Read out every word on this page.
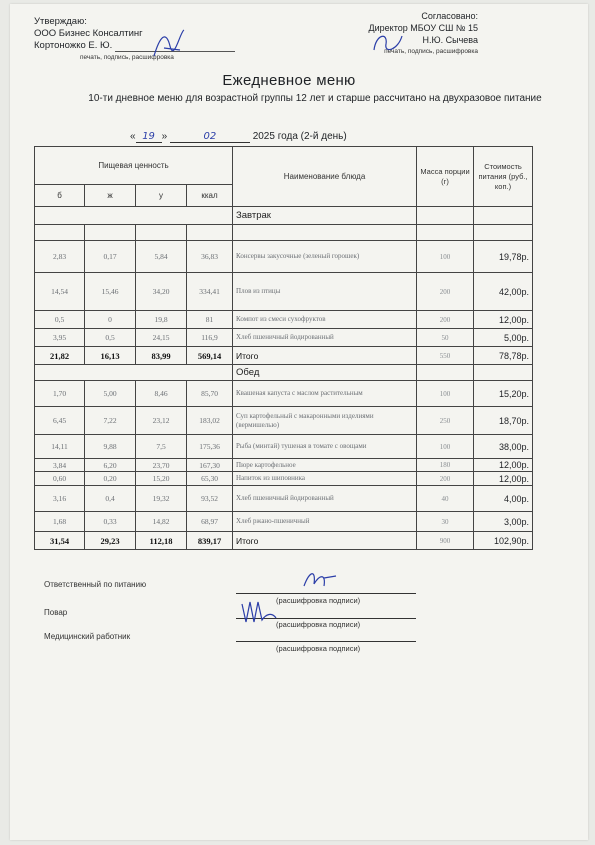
Утверждаю:
ООО Бизнес Консалтинг
Кортоножко Е. Ю.
печать, подпись, расшифровка
Согласовано:
Директор МБОУ СШ № 15
Н.Ю. Сычева
печать, подпись, расшифровка
Ежедневное меню
10-ти дневное меню для возрастной группы 12 лет и старше рассчитано на двухразовое питание
« 19 »	02	2025 года (2-й день)
Пищевая ценность				Наименование блюда	Масса порции (г)	Стоимость питания (руб., коп.)
б	ж	у	ккал			
				Завтрак		

2,83	0,17	5,84	36,83	Консервы закусочные (зеленый горошек)	100	19,78р.
14,54	15,46	34,20	334,41	Плов из птицы	200	42,00р.
0,5	0	19,8	81	Компот из смеси сухофруктов	200	12,00р.
3,95	0,5	24,15	116,9	Хлеб пшеничный йодированный	50	5,00р.
21,82	16,13	83,99	569,14	Итого	550	78,78р.
				Обед		
1,70	5,00	8,46	85,70	Квашеная капуста с маслом растительным	100	15,20р.
6,45	7,22	23,12	183,02	Суп картофельный с макаронными изделиями (вермишелью)	250	18,70р.
14,11	9,88	7,5	175,36	Рыба (минтай) тушеная в томате с овощами	100	38,00р.
3,84	6,20	23,70	167,30	Пюре картофельное	180	12,00р.
0,60	0,20	15,20	65,30	Напиток из шиповника	200	12,00р.
3,16	0,4	19,32	93,52	Хлеб пшеничный йодированный	40	4,00р.
1,68	0,33	14,82	68,97	Хлеб ржано-пшеничный	30	3,00р.
31,54	29,23	112,18	839,17	Итого	900	102,90р.
Ответственный по питанию
(расшифровка подписи)
Повар
(расшифровка подписи)
Медицинский работник
(расшифровка подписи)
